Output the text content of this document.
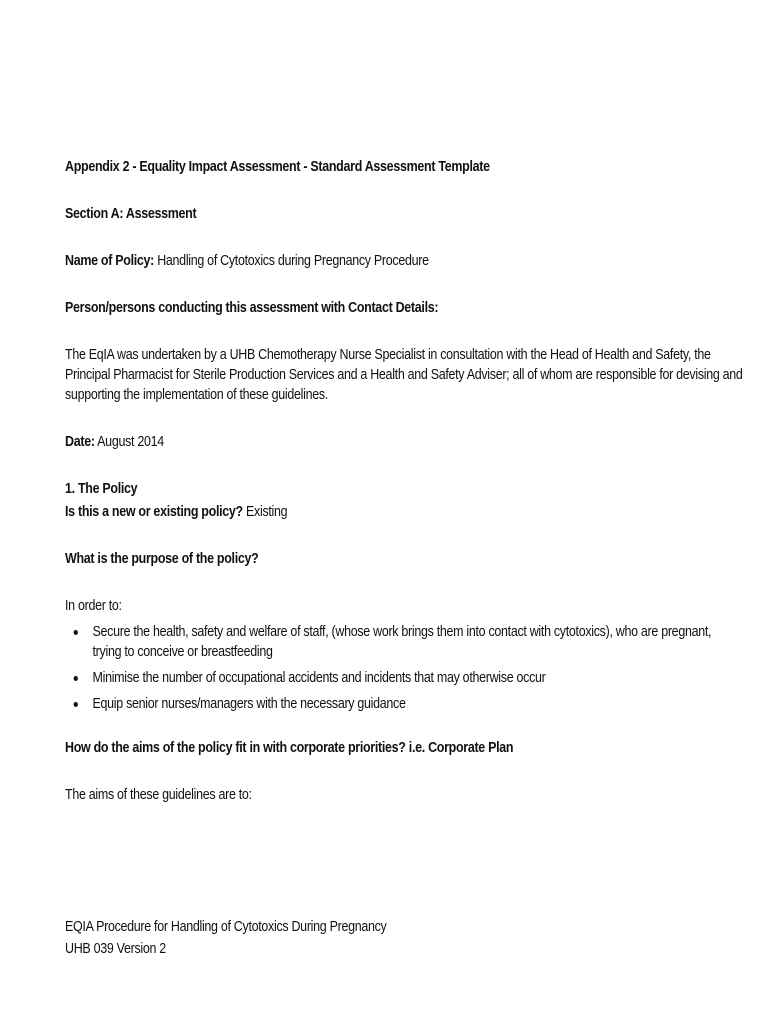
Appendix 2 - Equality Impact Assessment - Standard Assessment Template

Section A: Assessment

Name of Policy: Handling of Cytotoxics during Pregnancy Procedure

Person/persons conducting this assessment with Contact Details:

The EqIA was undertaken by a UHB Chemotherapy Nurse Specialist in consultation with the Head of Health and Safety, the
Principal Pharmacist for Sterile Production Services and a Health and Safety Adviser; all of whom are responsible for devising and
supporting the implementation of these guidelines.

Date: August 2014

1. The Policy

Is this a new or existing policy? Existing

What is the purpose of the policy?

In order to:

Secure the health, safety and welfare of staff, (whose work brings them into contact with cytotoxics), who are pregnant,
trying to conceive or breastfeeding
Minimise the number of occupational accidents and incidents that may otherwise occur
Equip senior nurses/managers with the necessary guidance

How do the aims of the policy fit in with corporate priorities? i.e. Corporate Plan

The aims of these guidelines are to:

EQIA Procedure for Handling of Cytotoxics During Pregnancy
UHB 039 Version 2
